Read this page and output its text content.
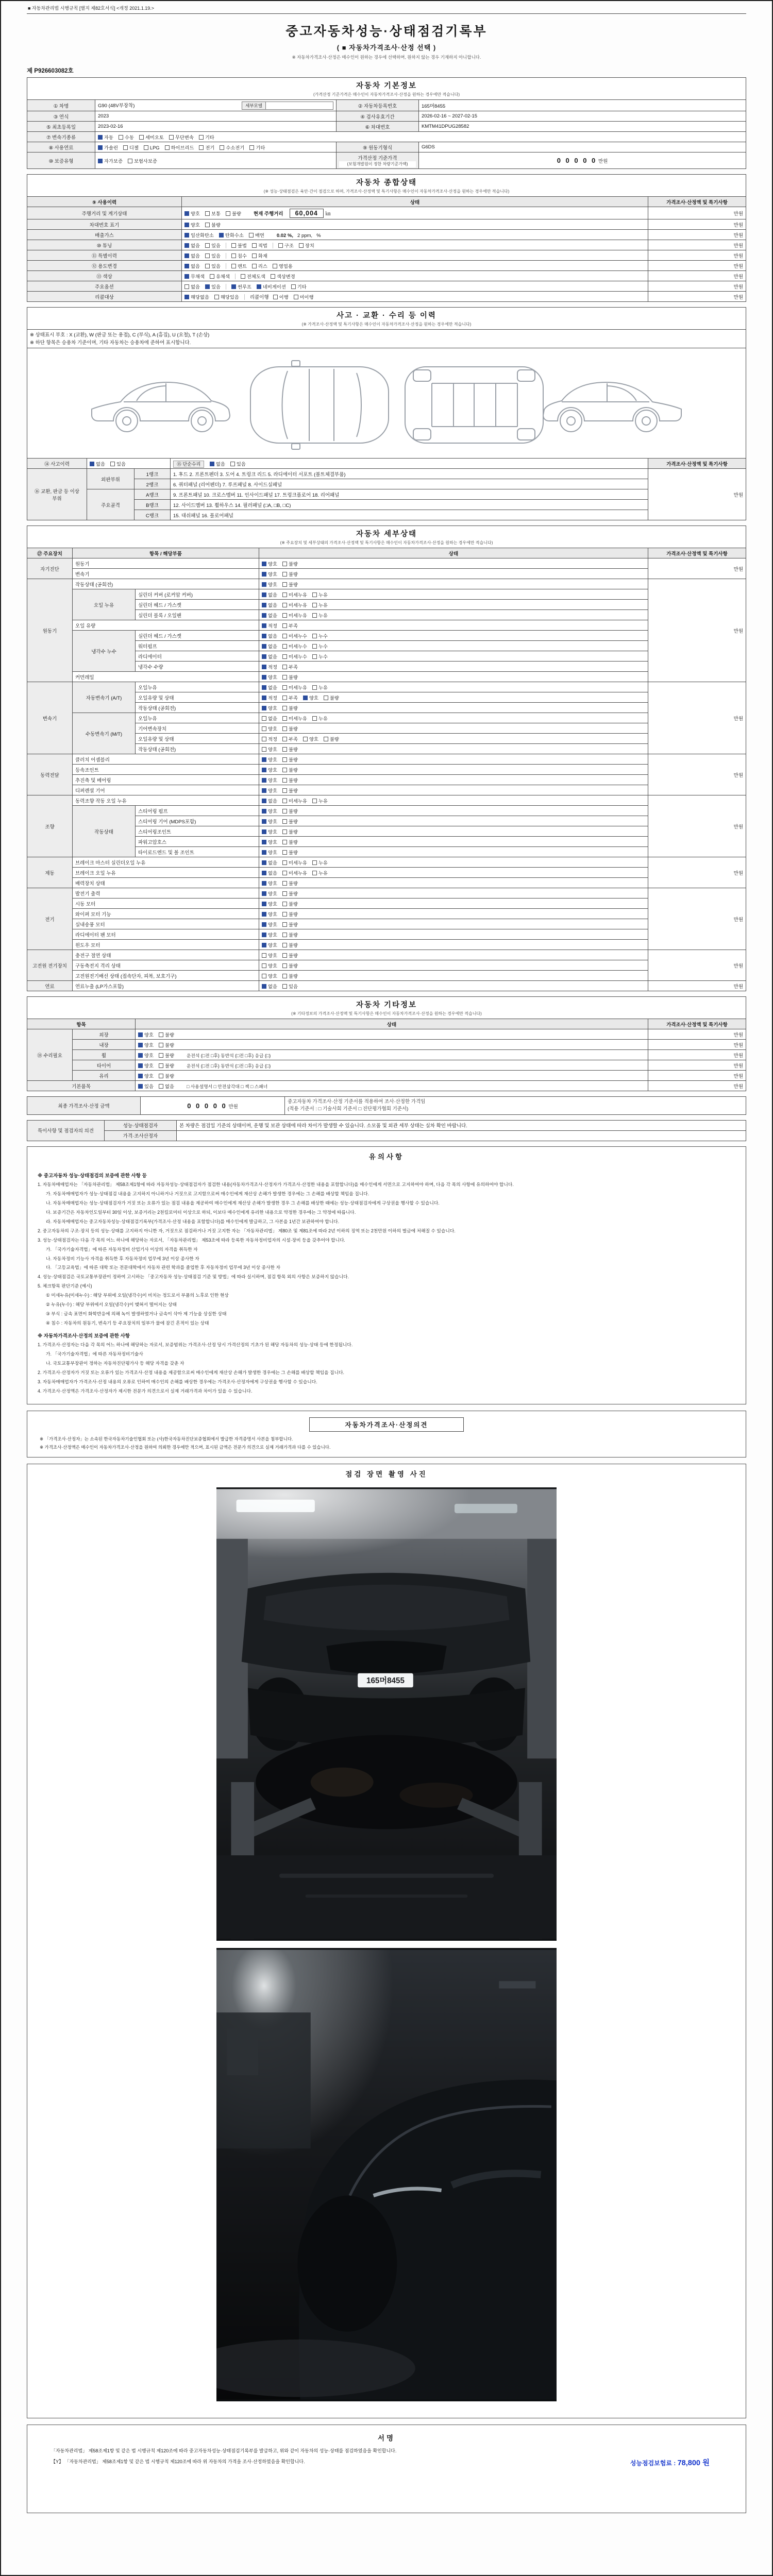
■ 자동차관리법 시행규칙 [별지 제82호서식] <개정 2021.1.19.>
중고자동차성능·상태점검기록부
( ■ 자동차가격조사·산정 선택 )
※ 자동차가격조사·산정은 매수인이 원하는 경우에 선택하며, 원하지 않는 경우 기재하지 아니합니다.
제 P926603082호
자동차 기본정보
(가격산정 기준가격은 매수인이 자동차가격조사·산정을 원하는 경우에만 적습니다)			

① 차명	G90 (48V부장착) 세부모델	② 자동차등록번호	165머8455
③ 연식	2023	④ 검사유효기간	2026-02-16 ~ 2027-02-15
⑤ 최초등록일	2023-02-16	⑥ 차대번호	KMTM41DPUG28582
⑦ 변속기종류	자동 수동 세미오토 무단변속 기타		
⑧ 사용연료	가솔린 디젤 LPG 하이브리드 전기 수소전기 기타	⑨ 원동기형식	G6DS
⑩ 보증유형	자가보증 보험사보증	가격산정 기준가격
(보험개발원이 정한 차량기준가액)	0 0 0 0 0 만원
자동차 종합상태
(※ 성능·상태점검은 육안·간이 점검으로 하며, 가격조사·산정액 및 특기사항은 매수인이 자동차가격조사·산정을 원하는 경우에만 적습니다)		

⑨ 사용이력	상태	가격조사·산정액 및 특기사항
주행거리 및 계기상태	양호 보통 불량 현재 주행거리 60,004 ㎞	만원
차대번호 표기	양호 불량	만원
배출가스	일산화탄소 탄화수소 매연 0.02 %, 2 ppm, %	만원
⑩ 튜닝	없음 있음 불법 적법 구조 장치	만원
⑪ 특별이력	없음 있음 침수 화재	만원
⑫ 용도변경	없음 있음 렌트 리스 영업용	만원
⑬ 색상	무채색 유채색 전체도색 색상변경	만원
주요옵션	없음 있음 썬루프 네비게이션 기타	만원
리콜대상	해당없음 해당있음 리콜이행 이행 미이행	만원
사고 · 교환 · 수리 등 이력
(※ 가격조사·산정액 및 특기사항은 매수인이 자동차가격조사·산정을 원하는 경우에만 적습니다)				

※ 상태표시 부호 : X (교환), W (판금 또는 용접), C (부식), A (흠집), U (요철), T (손상)
※ 하단 항목은 승용차 기준이며, 기타 자동차는 승용차에 준하여 표시합니다.				

⑭ 사고이력	없음 있음		⑮ 단순수리 없음 있음	가격조사·산정액 및 특기사항
⑯ 교환, 판금 등 이상 부위	외판부위	1랭크	1. 후드 2. 프론트펜더 3. 도어 4. 트렁크 리드 5. 라디에이터 서포트 (볼트체결부품)	만원
		2랭크	6. 쿼터패널 (리어펜더) 7. 루프패널 8. 사이드실패널	
	주요골격	A랭크	9. 프론트패널 10. 크로스멤버 11. 인사이드패널 17. 트렁크플로어 18. 리어패널	
		B랭크	12. 사이드멤버 13. 휠하우스 14. 필러패널 (□A, □B, □C)	
		C랭크	15. 대쉬패널 16. 플로어패널	
자동차 세부상태
(※ 주요장치 및 세부상태의 가격조사·산정액 및 특기사항은 매수인이 자동차가격조사·산정을 원하는 경우에만 적습니다)				

⑰ 주요장치	항목 / 해당부품		상태	가격조사·산정액 및 특기사항
자기진단	원동기		양호 불량	만원
	변속기		양호 불량	
원동기	작동상태 (공회전)		양호 불량	만원
	오일 누유	실린더 커버 (로커암 커버)	없음 미세누유 누유	
		실린더 헤드 / 가스켓	없음 미세누유 누유	
		실린더 블록 / 오일팬	없음 미세누유 누유	
	오일 유량		적정 부족	
	냉각수 누수	실린더 헤드 / 가스켓	없음 미세누수 누수	
		워터펌프	없음 미세누수 누수	
		라디에이터	없음 미세누수 누수	
		냉각수 수량	적정 부족	
	커먼레일		양호 불량	
변속기	자동변속기 (A/T)	오일누유	없음 미세누유 누유	만원
		오일유량 및 상태	적정 부족 양호 불량	
		작동상태 (공회전)	양호 불량	
	수동변속기 (M/T)	오일누유	없음 미세누유 누유	
		기어변속장치	양호 불량	
		오일유량 및 상태	적정 부족 양호 불량	
		작동상태 (공회전)	양호 불량	
동력전달	클러치 어셈블리		양호 불량	만원
	등속조인트		양호 불량	
	추진축 및 베어링		양호 불량	
	디퍼렌셜 기어		양호 불량	
조향	동력조향 작동 오일 누유		없음 미세누유 누유	만원
	작동상태	스티어링 펌프	양호 불량	
		스티어링 기어 (MDPS포함)	양호 불량	
		스티어링조인트	양호 불량	
		파워고압호스	양호 불량	
		타이로드엔드 및 볼 조인트	양호 불량	
제동	브레이크 마스터 실린더오일 누유		없음 미세누유 누유	만원
	브레이크 오일 누유		없음 미세누유 누유	
	배력장치 상태		양호 불량	
전기	발전기 출력		양호 불량	만원
	시동 모터		양호 불량	
	와이퍼 모터 기능		양호 불량	
	실내송풍 모터		양호 불량	
	라디에이터 팬 모터		양호 불량	
	윈도우 모터		양호 불량	
고전원 전기장치	충전구 절연 상태		양호 불량	만원
	구동축전지 격리 상태		양호 불량	
	고전원전기배선 상태 (접속단자, 피복, 보호기구)		양호 불량	
연료	연료누출 (LP가스포함)		없음 있음	만원
자동차 기타정보
(※ 기타정보의 가격조사·산정액 및 특기사항은 매수인이 자동차가격조사·산정을 원하는 경우에만 적습니다)			

항목		상태	가격조사·산정액 및 특기사항
⑱ 수리필요	외장	양호 불량	만원
	내장	양호 불량	만원
	휠	양호 불량 운전석 (□전 □후) 동반석 (□전 □후) 응급 (□)	만원
	타이어	양호 불량 운전석 (□전 □후) 동반석 (□전 □후) 응급 (□)	만원
	유리	양호 불량	만원
기본품목		있음 없음 □ 사용설명서 □ 안전삼각대 □ 잭 □ 스패너	만원
최종 가격조사·산정 금액	0 0 0 0 0 만원	
중고자동차 가격조사·산정 기준서를 적용하여 조사·산정한 가격임
(적용 기준서 : □ 기술사회 기준서 □ 진단평가협회 기준서)
특이사항 및 점검자의 의견	성능·상태점검자	본 차량은 점검일 기준의 상태이며, 운행 및 보관 상태에 따라 차이가 발생할 수 있습니다. 소모품 및 외관 세부 상태는 실차 확인 바랍니다.
	가격·조사산정자	
유의사항
※ 중고자동차 성능·상태점검의 보증에 관한 사항 등
1. 자동차매매업자는 「자동차관리법」 제58조제1항에 따라 자동차성능·상태점검자가 점검한 내용(자동차가격조사·산정자가 가격조사·산정한 내용을 포함합니다)을 매수인에게 서면으로 고지하여야 하며, 다음 각 목의 사항에 유의하여야 합니다.
가. 자동차매매업자가 성능·상태점검 내용을 고지하지 아니하거나 거짓으로 고지함으로써 매수인에게 재산상 손해가 발생한 경우에는 그 손해를 배상할 책임을 집니다.
나. 자동차매매업자는 성능·상태점검자가 거짓 또는 오류가 있는 점검 내용을 제공하여 매수인에게 재산상 손해가 발생한 경우 그 손해를 배상한 때에는 성능·상태점검자에게 구상권을 행사할 수 있습니다.
다. 보증기간은 자동차인도일부터 30일 이상, 보증거리는 2천킬로미터 이상으로 하되, 이보다 매수인에게 유리한 내용으로 약정한 경우에는 그 약정에 따릅니다.
라. 자동차매매업자는 중고자동차성능·상태점검기록부(가격조사·산정 내용을 포함합니다)를 매수인에게 발급하고, 그 사본을 1년간 보관하여야 합니다.
2. 중고자동차의 구조·장치 등의 성능·상태를 고지하지 아니한 자, 거짓으로 점검하거나 거짓 고지한 자는 「자동차관리법」 제80조 및 제81조에 따라 2년 이하의 징역 또는 2천만원 이하의 벌금에 처해질 수 있습니다.
3. 성능·상태점검자는 다음 각 목의 어느 하나에 해당하는 자로서, 「자동차관리법」 제53조에 따라 등록한 자동차정비업자의 시설·장비 등을 갖추어야 합니다.
가. 「국가기술자격법」에 따른 자동차정비 산업기사 이상의 자격을 취득한 자
나. 자동차정비 기능사 자격을 취득한 후 자동차정비 업무에 3년 이상 종사한 자
다. 「고등교육법」에 따른 대학 또는 전문대학에서 자동차 관련 학과를 졸업한 후 자동차정비 업무에 3년 이상 종사한 자
4. 성능·상태점검은 국토교통부장관이 정하여 고시하는 「중고자동차 성능·상태점검 기준 및 방법」에 따라 실시하며, 점검 항목 외의 사항은 보증하지 않습니다.
5. 체크항목 판단기준 (예시)
① 미세누유(미세누수) : 해당 부위에 오일(냉각수)이 비치는 정도로서 부품의 노후로 인한 현상
② 누유(누수) : 해당 부위에서 오일(냉각수)이 맺혀서 떨어지는 상태
③ 부식 : 금속 표면이 화학반응에 의해 녹이 발생하였거나 금속이 삭아 제 기능을 상실한 상태
④ 침수 : 자동차의 원동기, 변속기 등 주요장치의 일부가 물에 잠긴 흔적이 있는 상태
※ 자동차가격조사·산정의 보증에 관한 사항
1. 가격조사·산정자는 다음 각 목의 어느 하나에 해당하는 자로서, 보증범위는 가격조사·산정 당시 가격산정의 기초가 된 해당 자동차의 성능·상태 등에 한정됩니다.
가. 「국가기술자격법」에 따른 자동차정비기술사
나. 국토교통부장관이 정하는 자동차진단평가사 등 해당 자격을 갖춘 자
2. 가격조사·산정자가 거짓 또는 오류가 있는 가격조사·산정 내용을 제공함으로써 매수인에게 재산상 손해가 발생한 경우에는 그 손해를 배상할 책임을 집니다.
3. 자동차매매업자가 가격조사·산정 내용의 오류로 인하여 매수인의 손해를 배상한 경우에는 가격조사·산정자에게 구상권을 행사할 수 있습니다.
4. 가격조사·산정액은 가격조사·산정자가 제시한 전문가 의견으로서 실제 거래가격과 차이가 있을 수 있습니다.
자동차가격조사·산정의견
※ 「가격조사·산정자」는 소속된 한국자동차기술인협회 또는 (사)한국자동차진단보증협회에서 발급한 자격증명서 사본을 첨부합니다.
※ 가격조사·산정액은 매수인이 자동차가격조사·산정을 원하여 의뢰한 경우에만 적으며, 표시된 금액은 전문가 의견으로 실제 거래가격과 다를 수 있습니다.
점검 장면 촬영 사진
165머8455
서명
성능점검보험료 : 78,800 원
「자동차관리법」 제58조제1항 및 같은 법 시행규칙 제120조에 따라 중고자동차성능·상태점검기록부를 발급하고, 위와 같이 자동차의 성능·상태를 점검하였음을 확인합니다.
【Y】 「자동차관리법」 제58조제1항 및 같은 법 시행규칙 제120조에 따라 위 자동차의 가격을 조사·산정하였음을 확인합니다.
